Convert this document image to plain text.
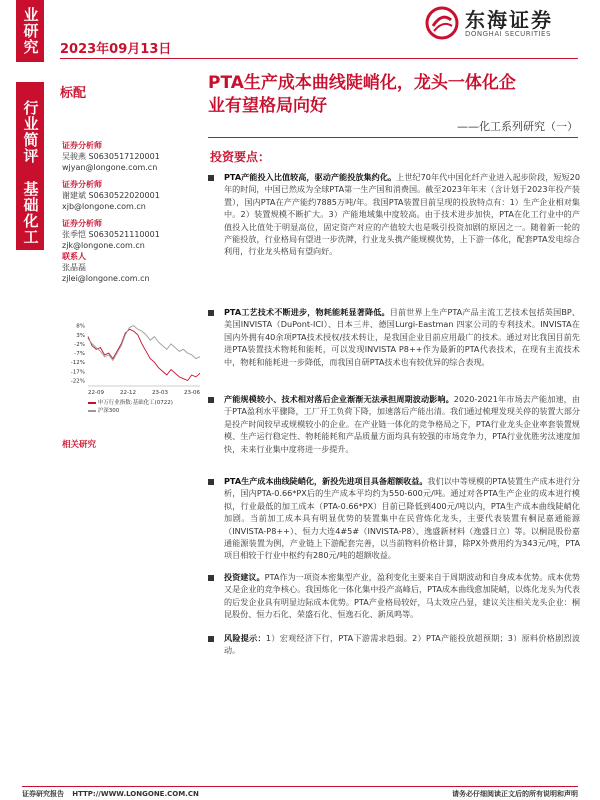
业研究 2023年09月13日
行业简评
基础化工
东海证券
DONGHAI SECURITIES
标配
PTA生产成本曲线陡峭化，龙头一体化企
业有望格局向好
——化工系列研究（一）
证券分析师
吴骏燕 S0630517120001
wjyan@longone.com.cn
证券分析师
谢建斌 S0630522020001
xjb@longone.com.cn
证券分析师
张季恺 S0630521110001
zjk@longone.com.cn
联系人
张晶磊
zjlei@longone.com.cn
8%
3%
-2%
-7%
-12%
-17%
-22%
22-09	22-12	23-03	23-06
申万行业指数:基础化工(0722)
沪深300
相关研究
投资要点：
PTA产能投入比值较高，驱动产能投放集约化。上世纪70年代中国化纤产业进入起步阶段，短短20年的时间，中国已然成为全球PTA第一生产国和消费国。截至2023年年末（含计划于2023年投产装置），国内PTA在产产能约7885万吨/年。我国PTA装置目前呈现的投放特点有：1）生产企业相对集中。2）装置规模不断扩大。3）产能地域集中度较高。由于技术进步加快，PTA在化工行业中的产值投入比值处于明显高位，固定资产对应的产值较大也是吸引投资加剧的原因之一。随着新一轮的产能投放，行业格局有望进一步洗牌，行业龙头携产能规模优势，上下游一体化，配套PTA发电综合利用，行业龙头格局有望向好。
PTA工艺技术不断进步，物耗能耗显著降低。目前世界上生产PTA产品主流工艺技术包括英国BP、美国INVISTA（DuPont-ICI）、日本三井、德国Lurgi-Eastman 四家公司的专利技术。INVISTA在国内外拥有40余项PTA技术授权/技术转让，是我国企业目前应用最广的技术。通过对比我国目前先进PTA装置技术物耗和能耗，可以发现INVISTA P8++作为最新的PTA代表技术，在现有主流技术中，物耗和能耗进一步降低，而我国自研PTA技术也有较优异的综合表现。
产能规模较小、技术相对落后企业渐渐无法承担周期波动影响。2020-2021年市场去产能加速，由于PTA盈利水平骤降，工厂开工负荷下降，加速落后产能出清。我们通过梳理发现关停的装置大部分是投产时间较早或规模较小的企业。在产业链一体化的竞争格局之下，PTA行业龙头企业率套装置规模、生产运行稳定性、物耗能耗和产品质量方面均具有较强的市场竞争力，PTA行业优胜劣汰速度加快，未来行业集中度将进一步提升。
PTA生产成本曲线陡峭化，新投先进项目具备超额收益。我们以中等规模的PTA装置生产成本进行分析，国内PTA-0.66*PX后的生产成本平均约为550-600元/吨。通过对各PTA生产企业的成本进行模拟，行业最低的加工成本（PTA-0.66*PX）目前已降低到400元/吨以内，PTA生产成本曲线陡峭化加剧。当前加工成本具有明显优势的装置集中在民营炼化龙头，主要代表装置有桐昆嘉通能源（INVISTA-P8++）、恒力大连4#5#（INVISTA-P8）、逸盛新材料（逸盛日立）等。以桐昆股份嘉通能源装置为例，产业链上下游配套完善，以当前物料价格计算，除PX外费用约为343元/吨，PTA项目相较于行业中枢约有280元/吨的超额收益。
投资建议。PTA作为一项资本密集型产业，盈利变化主要来自于周期波动和自身成本优势。成本优势又是企业的竞争核心。我国炼化一体化集中投产高峰后，PTA成本曲线愈加陡峭，以炼化龙头为代表的后发企业具有明显边际成本优势。PTA产业格局较好，马太效应凸显，建议关注相关龙头企业：桐昆股份、恒力石化、荣盛石化、恒逸石化、新凤鸣等。
风险提示：1）宏观经济下行，PTA下游需求趋弱。2）PTA产能投放超预期；3）原料价格剧烈波动。
证券研究报告 HTTP://WWW.LONGONE.COM.CN	请务必仔细阅读正文后的所有说明和声明
